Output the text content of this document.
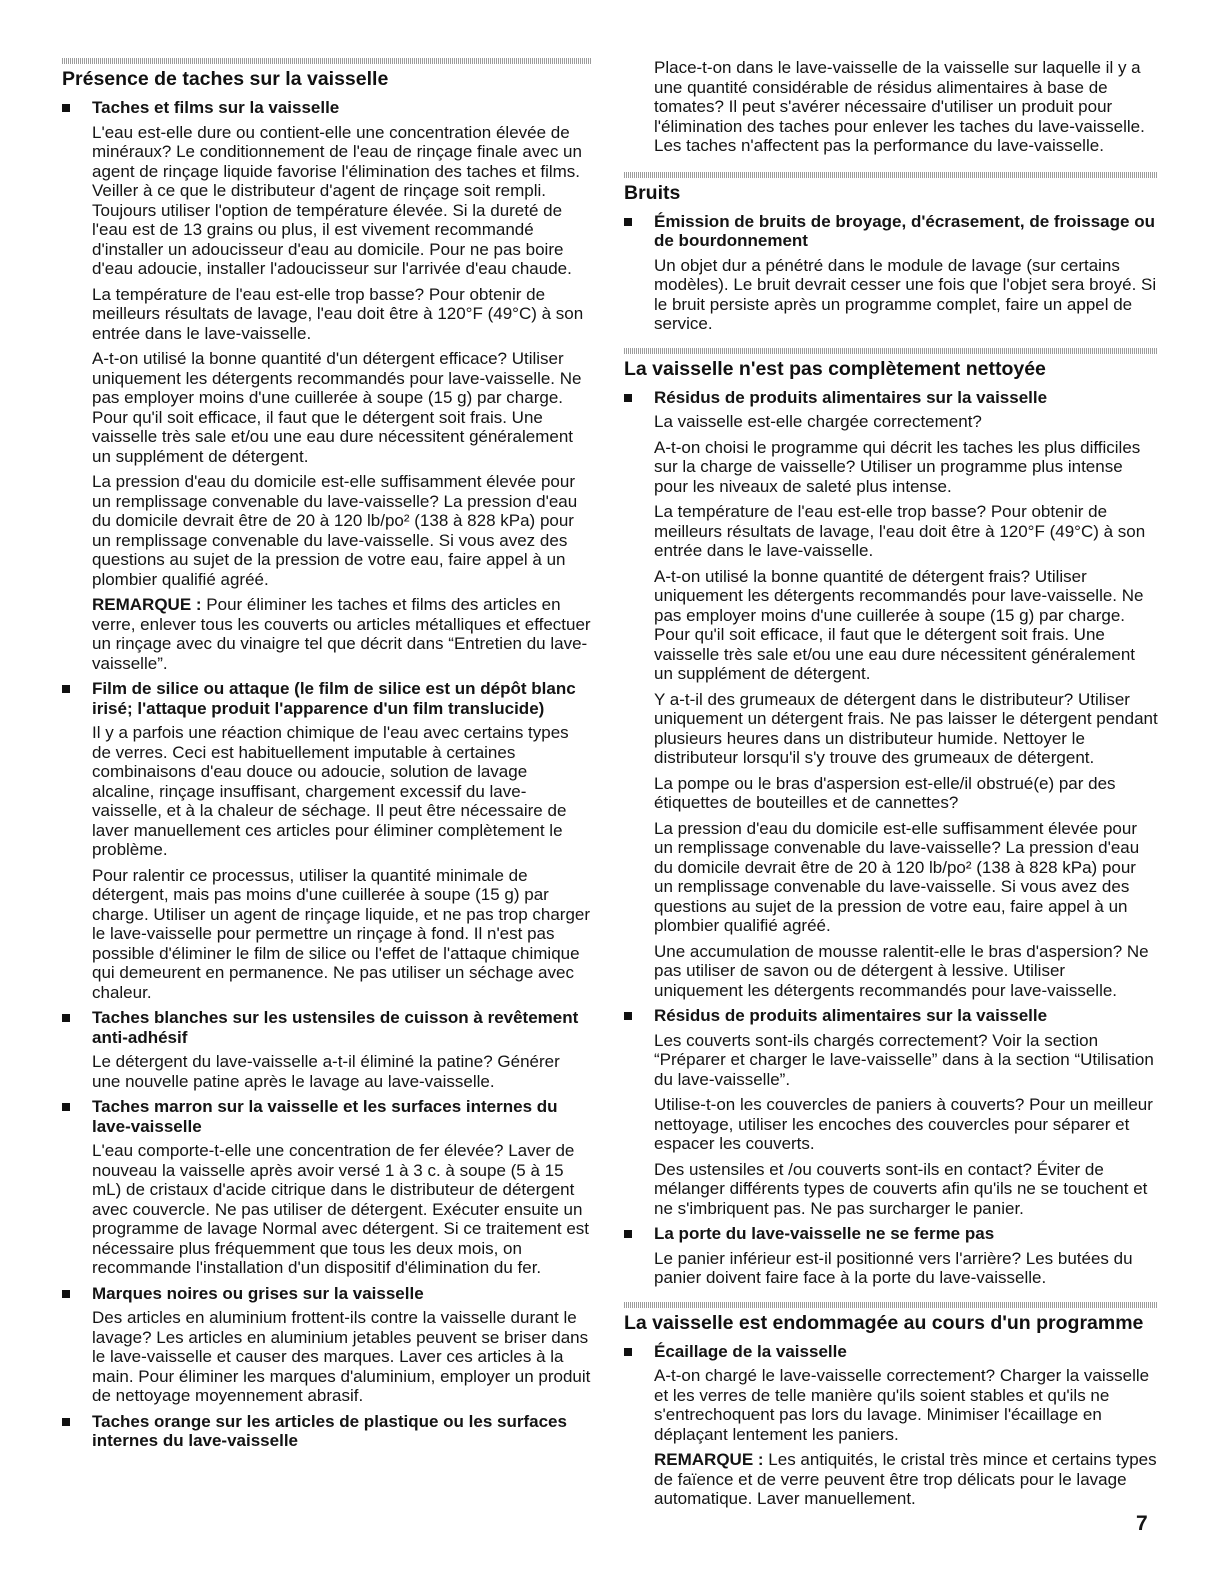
Présence de taches sur la vaisselle
Taches et films sur la vaisselle

L'eau est-elle dure ou contient-elle une concentration élevée de minéraux? Le conditionnement de l'eau de rinçage finale avec un agent de rinçage liquide favorise l'élimination des taches et films. Veiller à ce que le distributeur d'agent de rinçage soit rempli. Toujours utiliser l'option de température élevée. Si la dureté de l'eau est de 13 grains ou plus, il est vivement recommandé d'installer un adoucisseur d'eau au domicile. Pour ne pas boire d'eau adoucie, installer l'adoucisseur sur l'arrivée d'eau chaude.

La température de l'eau est-elle trop basse? Pour obtenir de meilleurs résultats de lavage, l'eau doit être à 120°F (49°C) à son entrée dans le lave-vaisselle.

A-t-on utilisé la bonne quantité d'un détergent efficace? Utiliser uniquement les détergents recommandés pour lave-vaisselle. Ne pas employer moins d'une cuillerée à soupe (15 g) par charge. Pour qu'il soit efficace, il faut que le détergent soit frais. Une vaisselle très sale et/ou une eau dure nécessitent généralement un supplément de détergent.

La pression d'eau du domicile est-elle suffisamment élevée pour un remplissage convenable du lave-vaisselle? La pression d'eau du domicile devrait être de 20 à 120 lb/po² (138 à 828 kPa) pour un remplissage convenable du lave-vaisselle. Si vous avez des questions au sujet de la pression de votre eau, faire appel à un plombier qualifié agréé.

REMARQUE : Pour éliminer les taches et films des articles en verre, enlever tous les couverts ou articles métalliques et effectuer un rinçage avec du vinaigre tel que décrit dans “Entretien du lave-vaisselle”.

Film de silice ou attaque (le film de silice est un dépôt blanc irisé; l'attaque produit l'apparence d'un film translucide)

Il y a parfois une réaction chimique de l'eau avec certains types de verres. Ceci est habituellement imputable à certaines combinaisons d'eau douce ou adoucie, solution de lavage alcaline, rinçage insuffisant, chargement excessif du lave-vaisselle, et à la chaleur de séchage. Il peut être nécessaire de laver manuellement ces articles pour éliminer complètement le problème.

Pour ralentir ce processus, utiliser la quantité minimale de détergent, mais pas moins d'une cuillerée à soupe (15 g) par charge. Utiliser un agent de rinçage liquide, et ne pas trop charger le lave-vaisselle pour permettre un rinçage à fond. Il n'est pas possible d'éliminer le film de silice ou l'effet de l'attaque chimique qui demeurent en permanence. Ne pas utiliser un séchage avec chaleur.

Taches blanches sur les ustensiles de cuisson à revêtement anti-adhésif

Le détergent du lave-vaisselle a-t-il éliminé la patine? Générer une nouvelle patine après le lavage au lave-vaisselle.

Taches marron sur la vaisselle et les surfaces internes du lave-vaisselle

L'eau comporte-t-elle une concentration de fer élevée? Laver de nouveau la vaisselle après avoir versé 1 à 3 c. à soupe (5 à 15 mL) de cristaux d'acide citrique dans le distributeur de détergent avec couvercle. Ne pas utiliser de détergent. Exécuter ensuite un programme de lavage Normal avec détergent. Si ce traitement est nécessaire plus fréquemment que tous les deux mois, on recommande l'installation d'un dispositif d'élimination du fer.

Marques noires ou grises sur la vaisselle

Des articles en aluminium frottent-ils contre la vaisselle durant le lavage? Les articles en aluminium jetables peuvent se briser dans le lave-vaisselle et causer des marques. Laver ces articles à la main. Pour éliminer les marques d'aluminium, employer un produit de nettoyage moyennement abrasif.

Taches orange sur les articles de plastique ou les surfaces internes du lave-vaisselle

Place-t-on dans le lave-vaisselle de la vaisselle sur laquelle il y a une quantité considérable de résidus alimentaires à base de tomates? Il peut s'avérer nécessaire d'utiliser un produit pour l'élimination des taches pour enlever les taches du lave-vaisselle. Les taches n'affectent pas la performance du lave-vaisselle.

Bruits
Émission de bruits de broyage, d'écrasement, de froissage ou de bourdonnement

Un objet dur a pénétré dans le module de lavage (sur certains modèles). Le bruit devrait cesser une fois que l'objet sera broyé. Si le bruit persiste après un programme complet, faire un appel de service.

La vaisselle n'est pas complètement nettoyée
Résidus de produits alimentaires sur la vaisselle

La vaisselle est-elle chargée correctement?

A-t-on choisi le programme qui décrit les taches les plus difficiles sur la charge de vaisselle? Utiliser un programme plus intense pour les niveaux de saleté plus intense.

La température de l'eau est-elle trop basse? Pour obtenir de meilleurs résultats de lavage, l'eau doit être à 120°F (49°C) à son entrée dans le lave-vaisselle.

A-t-on utilisé la bonne quantité de détergent frais? Utiliser uniquement les détergents recommandés pour lave-vaisselle. Ne pas employer moins d'une cuillerée à soupe (15 g) par charge. Pour qu'il soit efficace, il faut que le détergent soit frais. Une vaisselle très sale et/ou une eau dure nécessitent généralement un supplément de détergent.

Y a-t-il des grumeaux de détergent dans le distributeur? Utiliser uniquement un détergent frais. Ne pas laisser le détergent pendant plusieurs heures dans un distributeur humide. Nettoyer le distributeur lorsqu'il s'y trouve des grumeaux de détergent.

La pompe ou le bras d'aspersion est-elle/il obstrué(e) par des étiquettes de bouteilles et de cannettes?

La pression d'eau du domicile est-elle suffisamment élevée pour un remplissage convenable du lave-vaisselle? La pression d'eau du domicile devrait être de 20 à 120 lb/po² (138 à 828 kPa) pour un remplissage convenable du lave-vaisselle. Si vous avez des questions au sujet de la pression de votre eau, faire appel à un plombier qualifié agréé.

Une accumulation de mousse ralentit-elle le bras d'aspersion? Ne pas utiliser de savon ou de détergent à lessive. Utiliser uniquement les détergents recommandés pour lave-vaisselle.

Résidus de produits alimentaires sur la vaisselle

Les couverts sont-ils chargés correctement? Voir la section “Préparer et charger le lave-vaisselle” dans à la section “Utilisation du lave-vaisselle”.

Utilise-t-on les couvercles de paniers à couverts? Pour un meilleur nettoyage, utiliser les encoches des couvercles pour séparer et espacer les couverts.

Des ustensiles et /ou couverts sont-ils en contact? Éviter de mélanger différents types de couverts afin qu'ils ne se touchent et ne s'imbriquent pas. Ne pas surcharger le panier.

La porte du lave-vaisselle ne se ferme pas

Le panier inférieur est-il positionné vers l'arrière? Les butées du panier doivent faire face à la porte du lave-vaisselle.

La vaisselle est endommagée au cours d'un programme
Écaillage de la vaisselle

A-t-on chargé le lave-vaisselle correctement? Charger la vaisselle et les verres de telle manière qu'ils soient stables et qu'ils ne s'entrechoquent pas lors du lavage. Minimiser l'écaillage en déplaçant lentement les paniers.

REMARQUE : Les antiquités, le cristal très mince et certains types de faïence et de verre peuvent être trop délicats pour le lavage automatique. Laver manuellement.

7
